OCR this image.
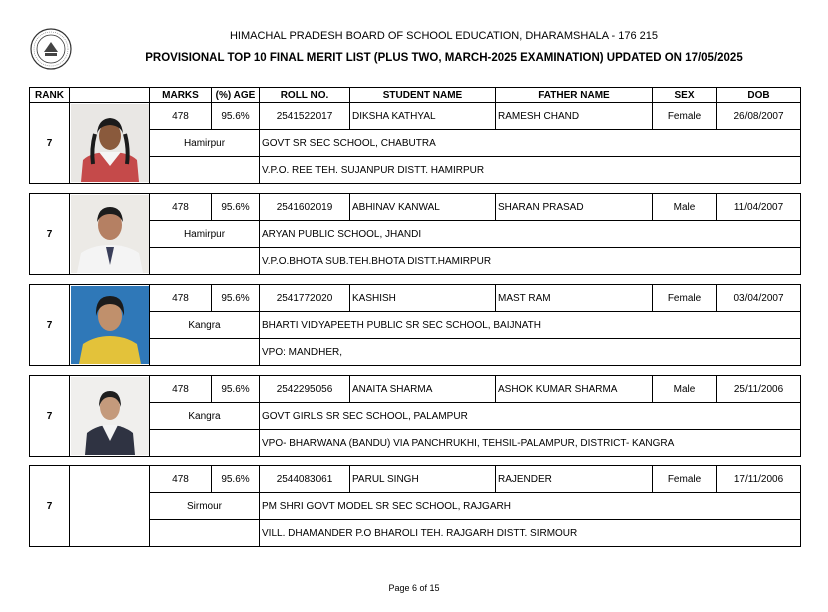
HIMACHAL PRADESH BOARD OF SCHOOL EDUCATION, DHARAMSHALA - 176 215
PROVISIONAL TOP 10 FINAL MERIT LIST (PLUS TWO, MARCH-2025 EXAMINATION) UPDATED ON 17/05/2025
RANK		MARKS	(%) AGE	ROLL NO.	STUDENT NAME	FATHER NAME	SEX	DOB
7		478	95.6%	2541522017	DIKSHA KATHYAL	RAMESH CHAND	Female	26/08/2007
		Hamirpur		GOVT SR SEC SCHOOL, CHABUTRA				
				V.P.O. REE TEH. SUJANPUR DISTT. HAMIRPUR				
7		478	95.6%	2541602019	ABHINAV KANWAL	SHARAN PRASAD	Male	11/04/2007
		Hamirpur		ARYAN PUBLIC SCHOOL, JHANDI				
				V.P.O.BHOTA SUB.TEH.BHOTA DISTT.HAMIRPUR				
7		478	95.6%	2541772020	KASHISH	MAST RAM	Female	03/04/2007
		Kangra		BHARTI VIDYAPEETH PUBLIC SR SEC SCHOOL, BAIJNATH				
				VPO: MANDHER,				
7		478	95.6%	2542295056	ANAITA SHARMA	ASHOK KUMAR SHARMA	Male	25/11/2006
		Kangra		GOVT GIRLS SR SEC SCHOOL, PALAMPUR				
				VPO- BHARWANA (BANDU) VIA PANCHRUKHI, TEHSIL-PALAMPUR, DISTRICT- KANGRA				
7		478	95.6%	2544083061	PARUL SINGH	RAJENDER	Female	17/11/2006
		Sirmour		PM SHRI GOVT MODEL SR SEC SCHOOL, RAJGARH				
				VILL. DHAMANDER P.O BHAROLI TEH. RAJGARH DISTT. SIRMOUR				
Page 6 of 15
